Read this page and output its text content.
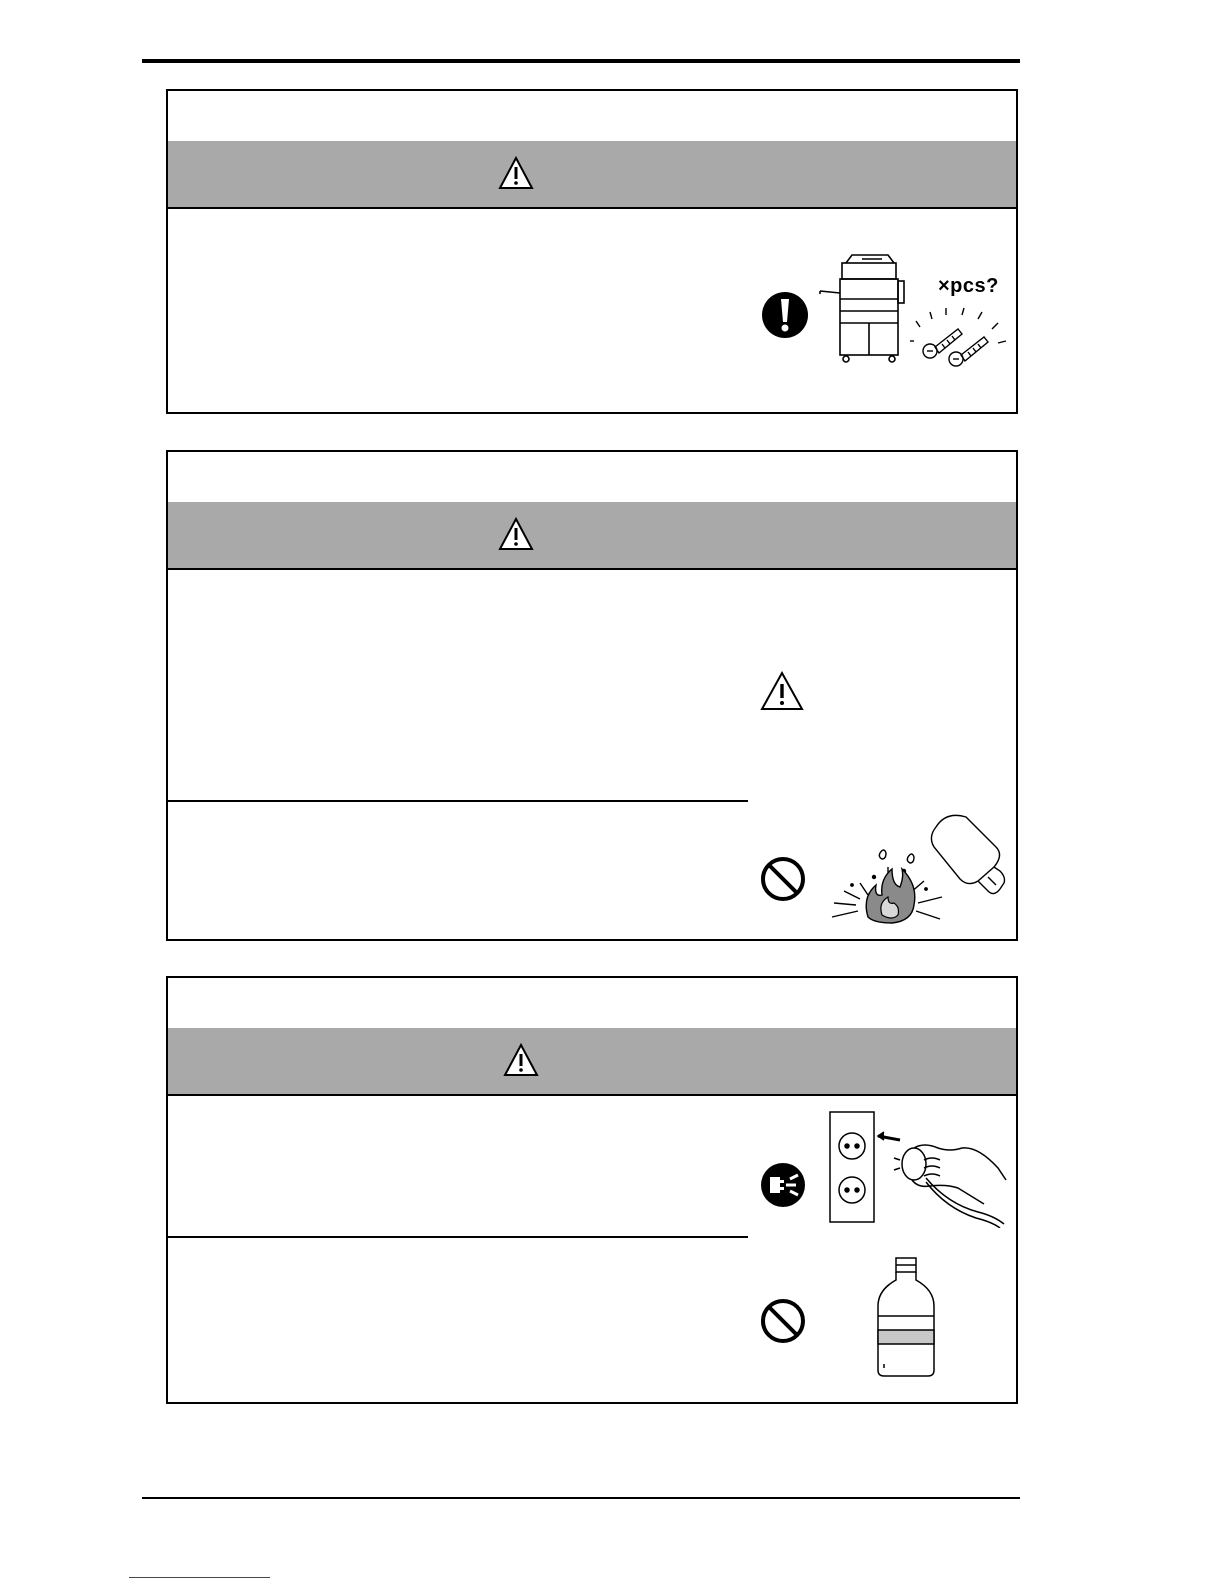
×pcs?
